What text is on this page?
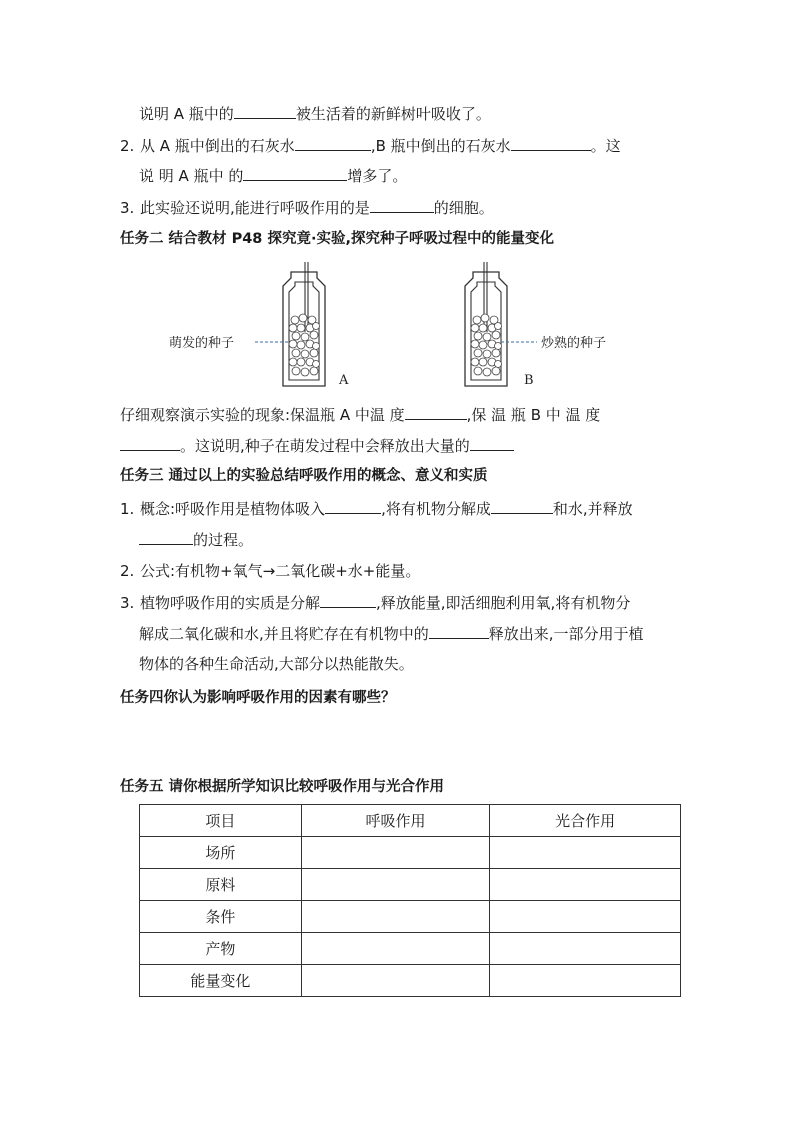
说明 A 瓶中的	被生活着的新鲜树叶吸收了。
2. 从 A 瓶中倒出的石灰水	,B 瓶中倒出的石灰水	。这
说 明 A 瓶中 的	增多了。
3. 此实验还说明,能进行呼吸作用的是	的细胞。
任务二 结合教材 P48 探究竟·实验,探究种子呼吸过程中的能量变化
萌发的种子
A
炒熟的种子
B
仔细观察演示实验的现象:保温瓶 A 中温 度	,保 温 瓶 B 中 温 度
。这说明,种子在萌发过程中会释放出大量的
任务三 通过以上的实验总结呼吸作用的概念、意义和实质
1. 概念:呼吸作用是植物体吸入	,将有机物分解成	和水,并释放
的过程。
2. 公式:有机物+氧气→二氧化碳+水+能量。
3. 植物呼吸作用的实质是分解	,释放能量,即活细胞利用氧,将有机物分
解成二氧化碳和水,并且将贮存在有机物中的	释放出来,一部分用于植
物体的各种生命活动,大部分以热能散失。
任务四你认为影响呼吸作用的因素有哪些？
任务五 请你根据所学知识比较呼吸作用与光合作用
项目	呼吸作用	光合作用
场所		
原料		
条件		
产物		
能量变化		
